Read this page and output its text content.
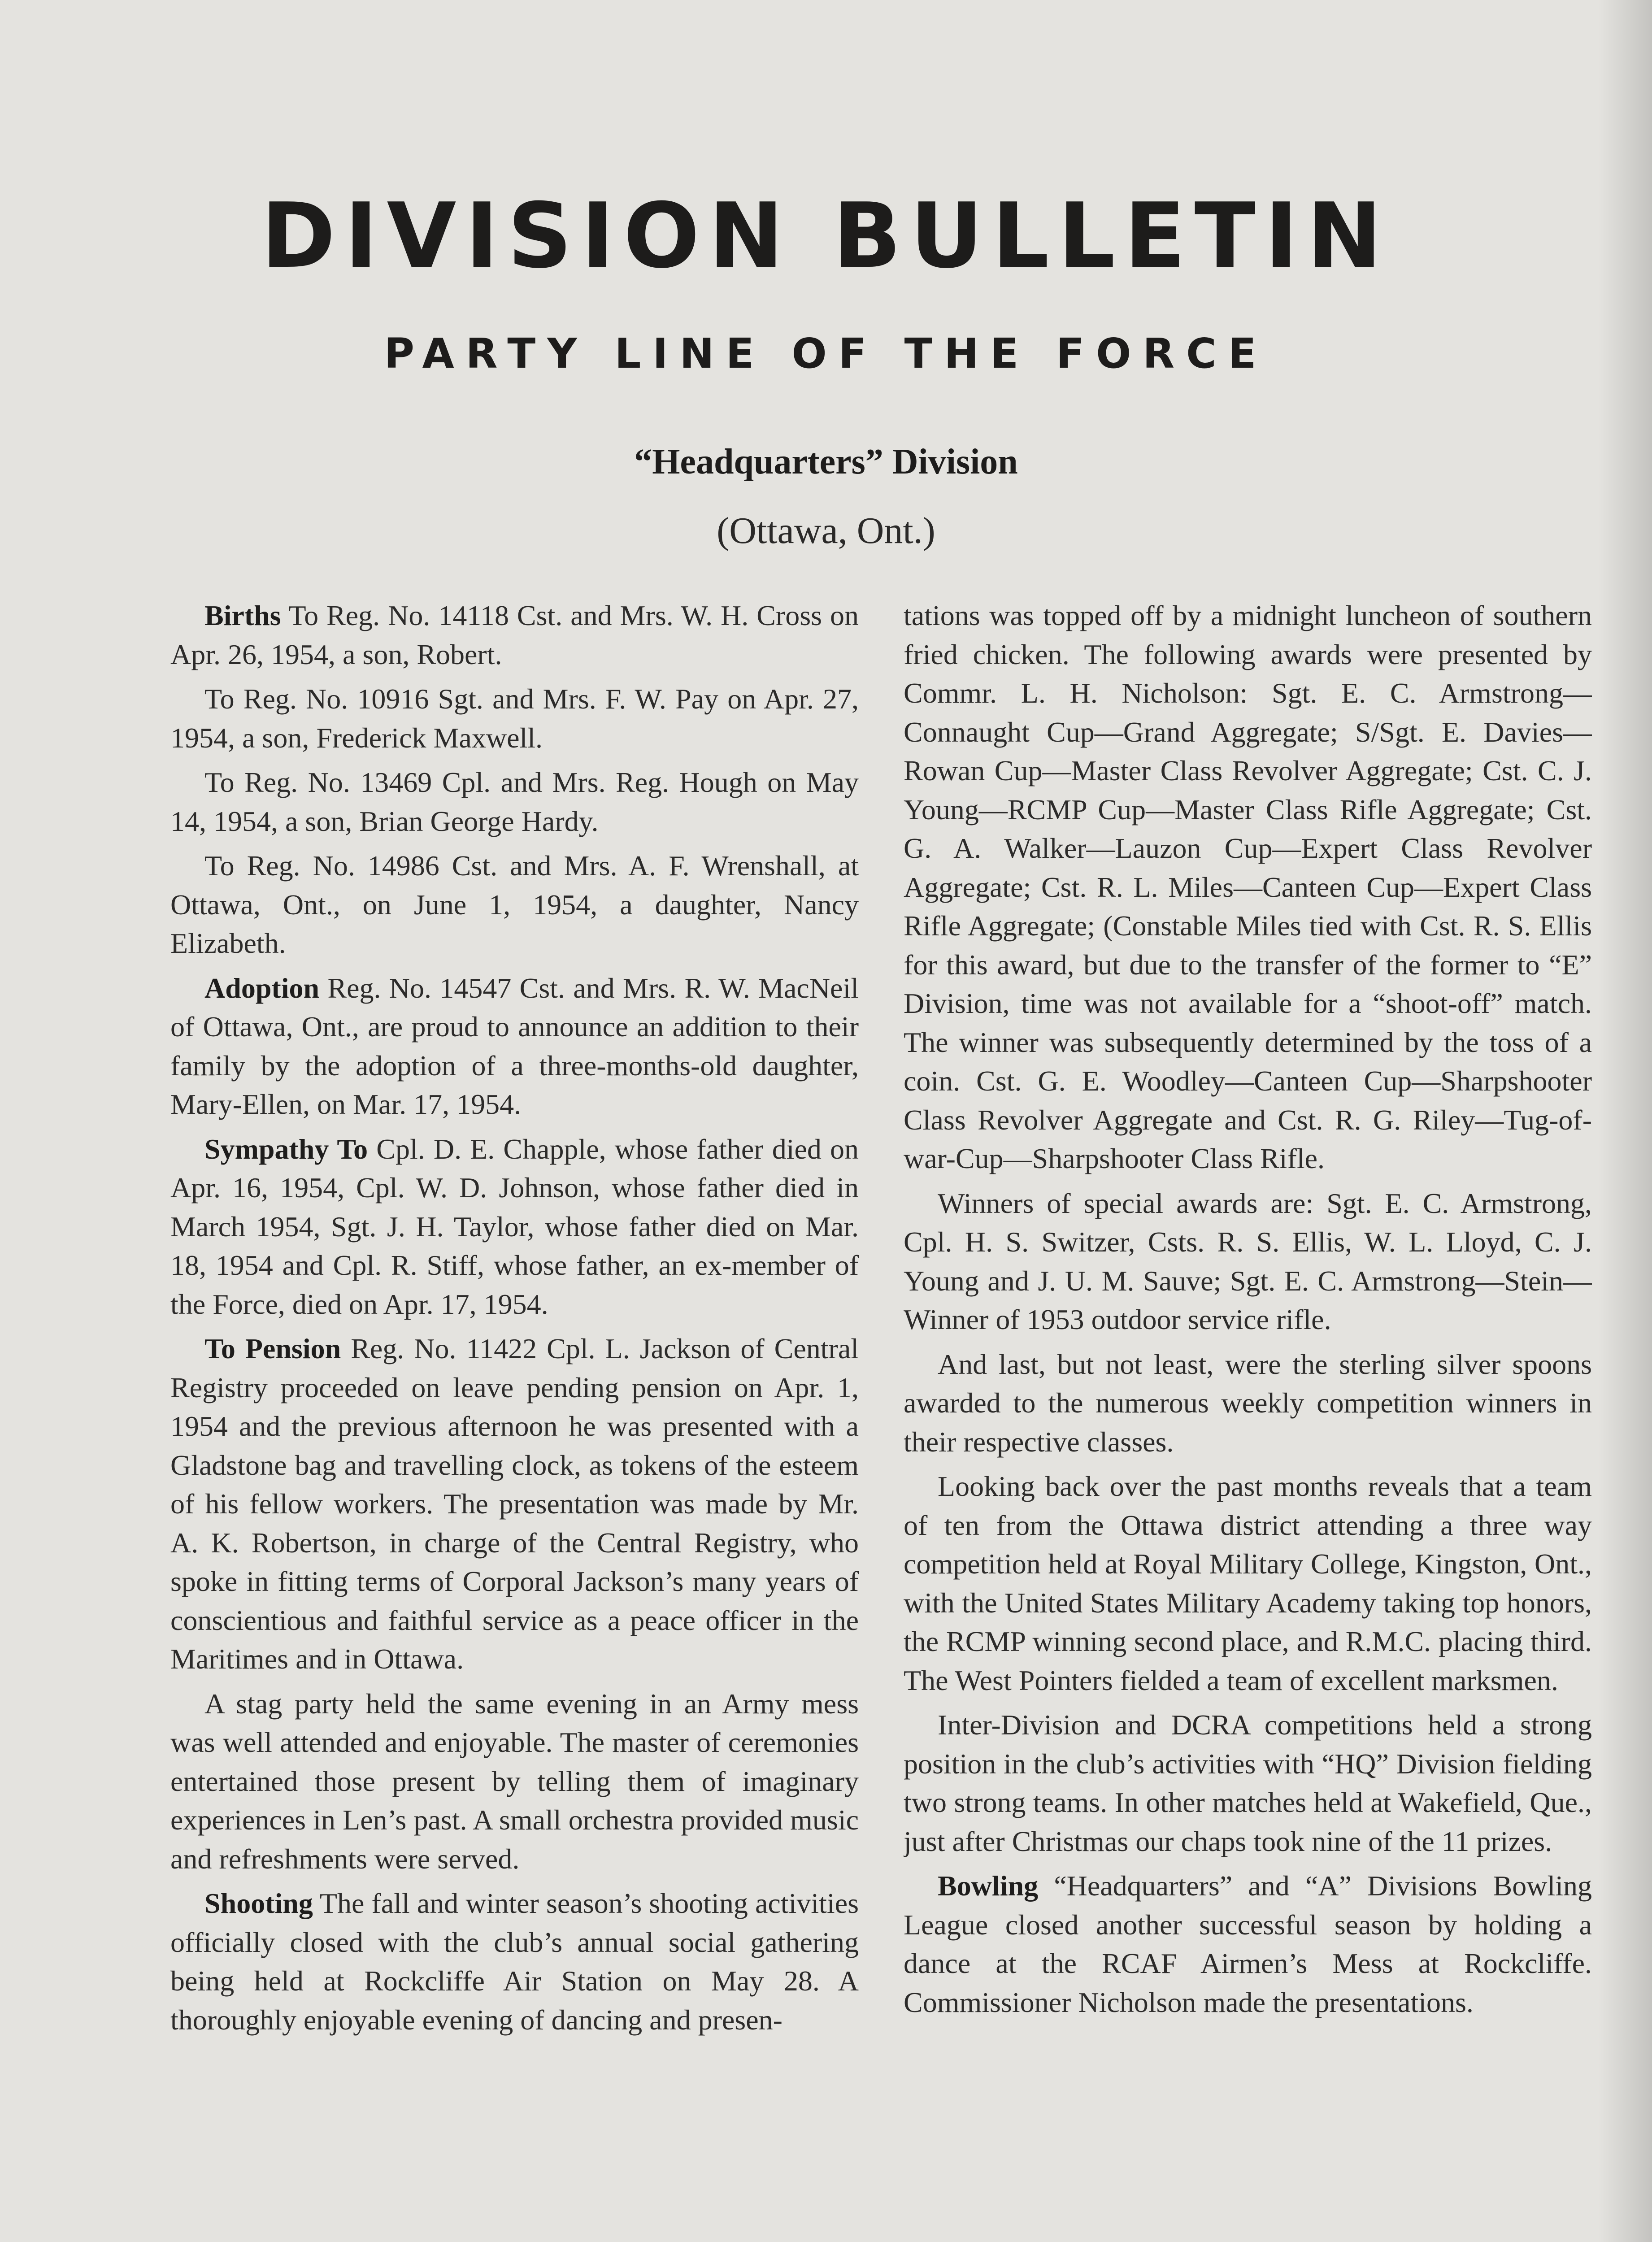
DIVISION BULLETIN
PARTY LINE OF THE FORCE
“Headquarters” Division
(Ottawa, Ont.)

Births To Reg. No. 14118 Cst. and Mrs. W. H. Cross on Apr. 26, 1954, a son, Robert.

To Reg. No. 10916 Sgt. and Mrs. F. W. Pay on Apr. 27, 1954, a son, Frederick Maxwell.

To Reg. No. 13469 Cpl. and Mrs. Reg. Hough on May 14, 1954, a son, Brian George Hardy.

To Reg. No. 14986 Cst. and Mrs. A. F. Wrenshall, at Ottawa, Ont., on June 1, 1954, a daughter, Nancy Elizabeth.

Adoption Reg. No. 14547 Cst. and Mrs. R. W. MacNeil of Ottawa, Ont., are proud to announce an addition to their family by the adoption of a three-months-old daughter, Mary-Ellen, on Mar. 17, 1954.

Sympathy To Cpl. D. E. Chapple, whose father died on Apr. 16, 1954, Cpl. W. D. Johnson, whose father died in March 1954, Sgt. J. H. Taylor, whose father died on Mar. 18, 1954 and Cpl. R. Stiff, whose father, an ex-member of the Force, died on Apr. 17, 1954.

To Pension Reg. No. 11422 Cpl. L. Jackson of Central Registry proceeded on leave pending pension on Apr. 1, 1954 and the previous afternoon he was presented with a Gladstone bag and travelling clock, as tokens of the esteem of his fellow workers. The presentation was made by Mr. A. K. Robertson, in charge of the Central Registry, who spoke in fitting terms of Corporal Jackson’s many years of conscientious and faithful service as a peace officer in the Maritimes and in Ottawa.

A stag party held the same evening in an Army mess was well attended and enjoyable. The master of ceremonies entertained those present by telling them of imaginary experiences in Len’s past. A small orchestra provided music and refreshments were served.

Shooting The fall and winter season’s shooting activities officially closed with the club’s annual social gathering being held at Rockcliffe Air Station on May 28. A thoroughly enjoyable evening of dancing and presen-

tations was topped off by a midnight luncheon of southern fried chicken. The following awards were presented by Commr. L. H. Nicholson: Sgt. E. C. Armstrong—Connaught Cup—Grand Aggregate; S/Sgt. E. Davies—Rowan Cup—Master Class Revolver Aggregate; Cst. C. J. Young—RCMP Cup—Master Class Rifle Aggregate; Cst. G. A. Walker—Lauzon Cup—Expert Class Revolver Aggregate; Cst. R. L. Miles—Canteen Cup—Expert Class Rifle Aggregate; (Constable Miles tied with Cst. R. S. Ellis for this award, but due to the transfer of the former to “E” Division, time was not available for a “shoot-off” match. The winner was subsequently determined by the toss of a coin. Cst. G. E. Woodley—Canteen Cup—Sharpshooter Class Revolver Aggregate and Cst. R. G. Riley—Tug-of-war-Cup—Sharpshooter Class Rifle.

Winners of special awards are: Sgt. E. C. Armstrong, Cpl. H. S. Switzer, Csts. R. S. Ellis, W. L. Lloyd, C. J. Young and J. U. M. Sauve; Sgt. E. C. Armstrong—Stein—Winner of 1953 outdoor service rifle.

And last, but not least, were the sterling silver spoons awarded to the numerous weekly competition winners in their respective classes.

Looking back over the past months reveals that a team of ten from the Ottawa district attending a three way competition held at Royal Military College, Kingston, Ont., with the United States Military Academy taking top honors, the RCMP winning second place, and R.M.C. placing third. The West Pointers fielded a team of excellent marksmen.

Inter-Division and DCRA competitions held a strong position in the club’s activities with “HQ” Division fielding two strong teams. In other matches held at Wakefield, Que., just after Christmas our chaps took nine of the 11 prizes.

Bowling “Headquarters” and “A” Divisions Bowling League closed another successful season by holding a dance at the RCAF Airmen’s Mess at Rockcliffe. Commissioner Nicholson made the presentations.
